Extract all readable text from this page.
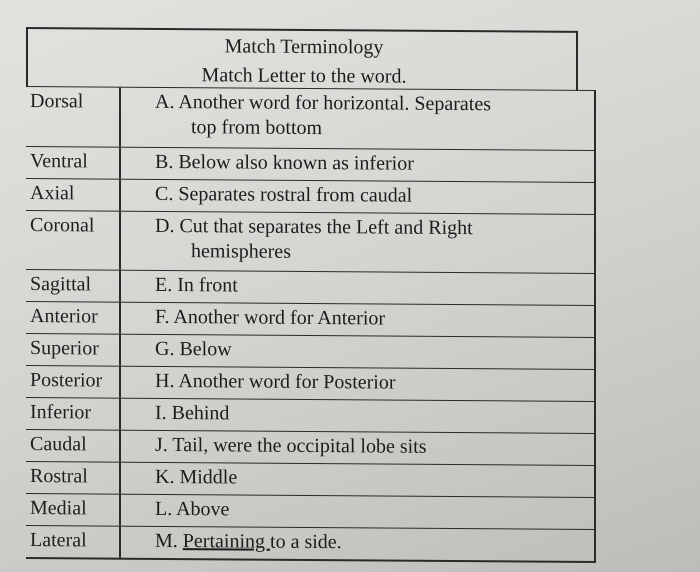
Match Terminology
Match Letter to the word.
Dorsal	A. Another word for horizontal. Separates
top from bottom
Ventral	B. Below also known as inferior
Axial	C. Separates rostral from caudal
Coronal	D. Cut that separates the Left and Right
hemispheres
Sagittal	E. In front
Anterior	F. Another word for Anterior
Superior	G. Below
Posterior	H. Another word for Posterior
Inferior	I. Behind
Caudal	J. Tail, were the occipital lobe sits
Rostral	K. Middle
Medial	L. Above
Lateral	M. Pertaining to a side.
